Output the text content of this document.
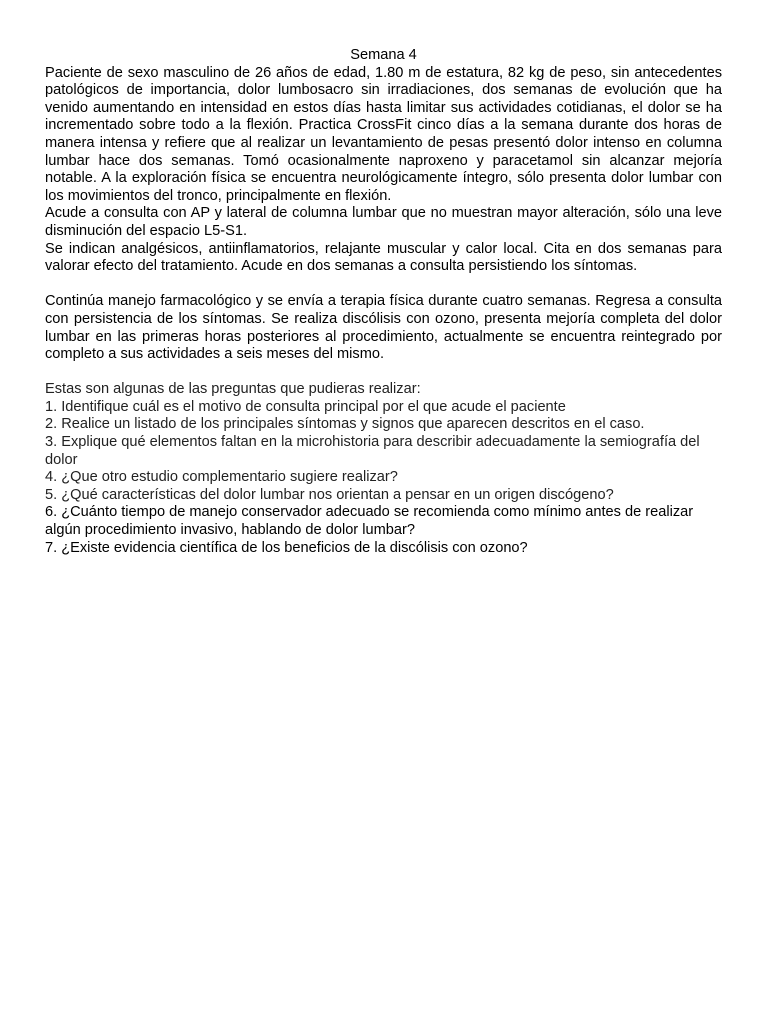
Semana 4

Paciente de sexo masculino de 26 años de edad, 1.80 m de estatura, 82 kg de peso, sin antecedentes patológicos de importancia, dolor lumbosacro sin irradiaciones, dos semanas de evolución que ha venido aumentando en intensidad en estos días hasta limitar sus actividades cotidianas, el dolor se ha incrementado sobre todo a la flexión. Practica CrossFit cinco días a la semana durante dos horas de manera intensa y refiere que al realizar un levantamiento de pesas presentó dolor intenso en columna lumbar hace dos semanas. Tomó ocasionalmente naproxeno y paracetamol sin alcanzar mejoría notable. A la exploración física se encuentra neurológicamente íntegro, sólo presenta dolor lumbar con los movimientos del tronco, principalmente en flexión.

Acude a consulta con AP y lateral de columna lumbar que no muestran mayor alteración, sólo una leve disminución del espacio L5-S1.

Se indican analgésicos, antiinflamatorios, relajante muscular y calor local. Cita en dos semanas para valorar efecto del tratamiento. Acude en dos semanas a consulta persistiendo los síntomas.

Continúa manejo farmacológico y se envía a terapia física durante cuatro semanas. Regresa a consulta con persistencia de los síntomas. Se realiza discólisis con ozono, presenta mejoría completa del dolor lumbar en las primeras horas posteriores al procedimiento, actualmente se encuentra reintegrado por completo a sus actividades a seis meses del mismo.

Estas son algunas de las preguntas que pudieras realizar:

1. Identifique cuál es el motivo de consulta principal por el que acude el paciente
2. Realice un listado de los principales síntomas y signos que aparecen descritos en el caso.
3. Explique qué elementos faltan en la microhistoria para describir adecuadamente la semiografía del dolor
4. ¿Que otro estudio complementario sugiere realizar?
5. ¿Qué características del dolor lumbar nos orientan a pensar en un origen discógeno?
6. ¿Cuánto tiempo de manejo conservador adecuado se recomienda como mínimo antes de realizar algún procedimiento invasivo, hablando de dolor lumbar?
7. ¿Existe evidencia científica de los beneficios de la discólisis con ozono?
